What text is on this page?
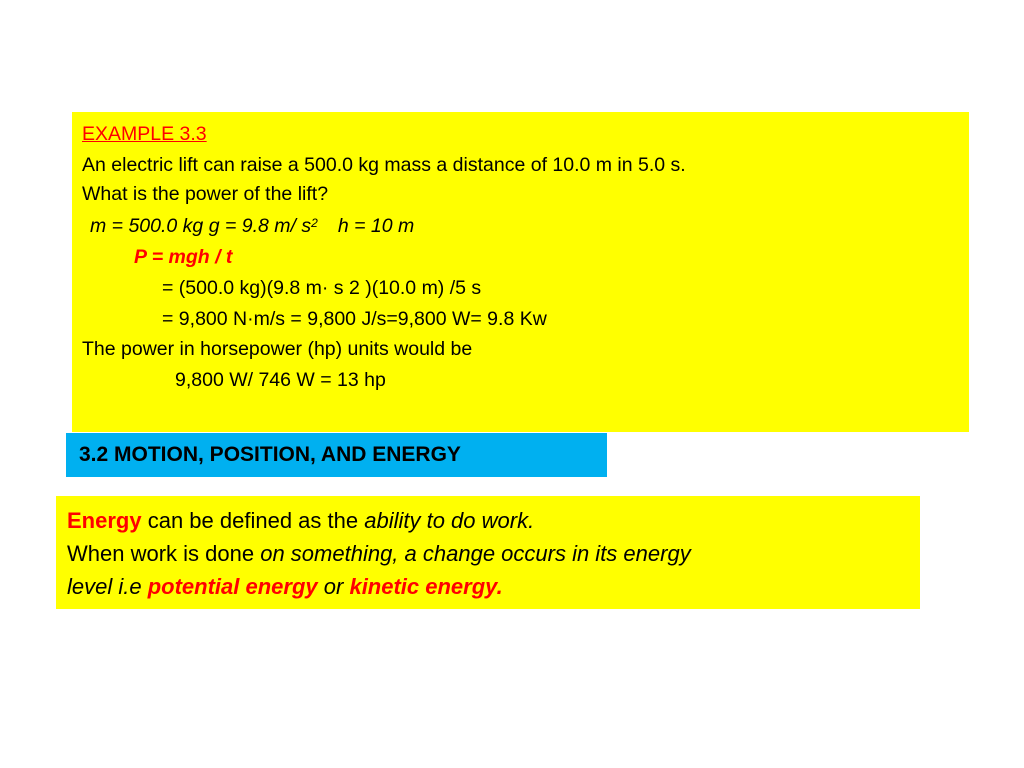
EXAMPLE 3.3
An electric lift can raise a 500.0 kg mass a distance of 10.0 m in 5.0 s.
What is the power of the lift?
m = 500.0 kg g = 9.8 m/ $s^2$ h = 10 m
P = mgh / t
= (500.0 kg)(9.8 m· s 2 )(10.0 m) /5 s
= 9,800 N·m/s = 9,800 J/s=9,800 W= 9.8 Kw
The power in horsepower (hp) units would be
9,800 W/ 746 W = 13 hp
3.2 MOTION, POSITION, AND ENERGY
Energy can be defined as the ability to do work.
When work is done on something, a change occurs in its energy
level i.e potential energy or kinetic energy.
